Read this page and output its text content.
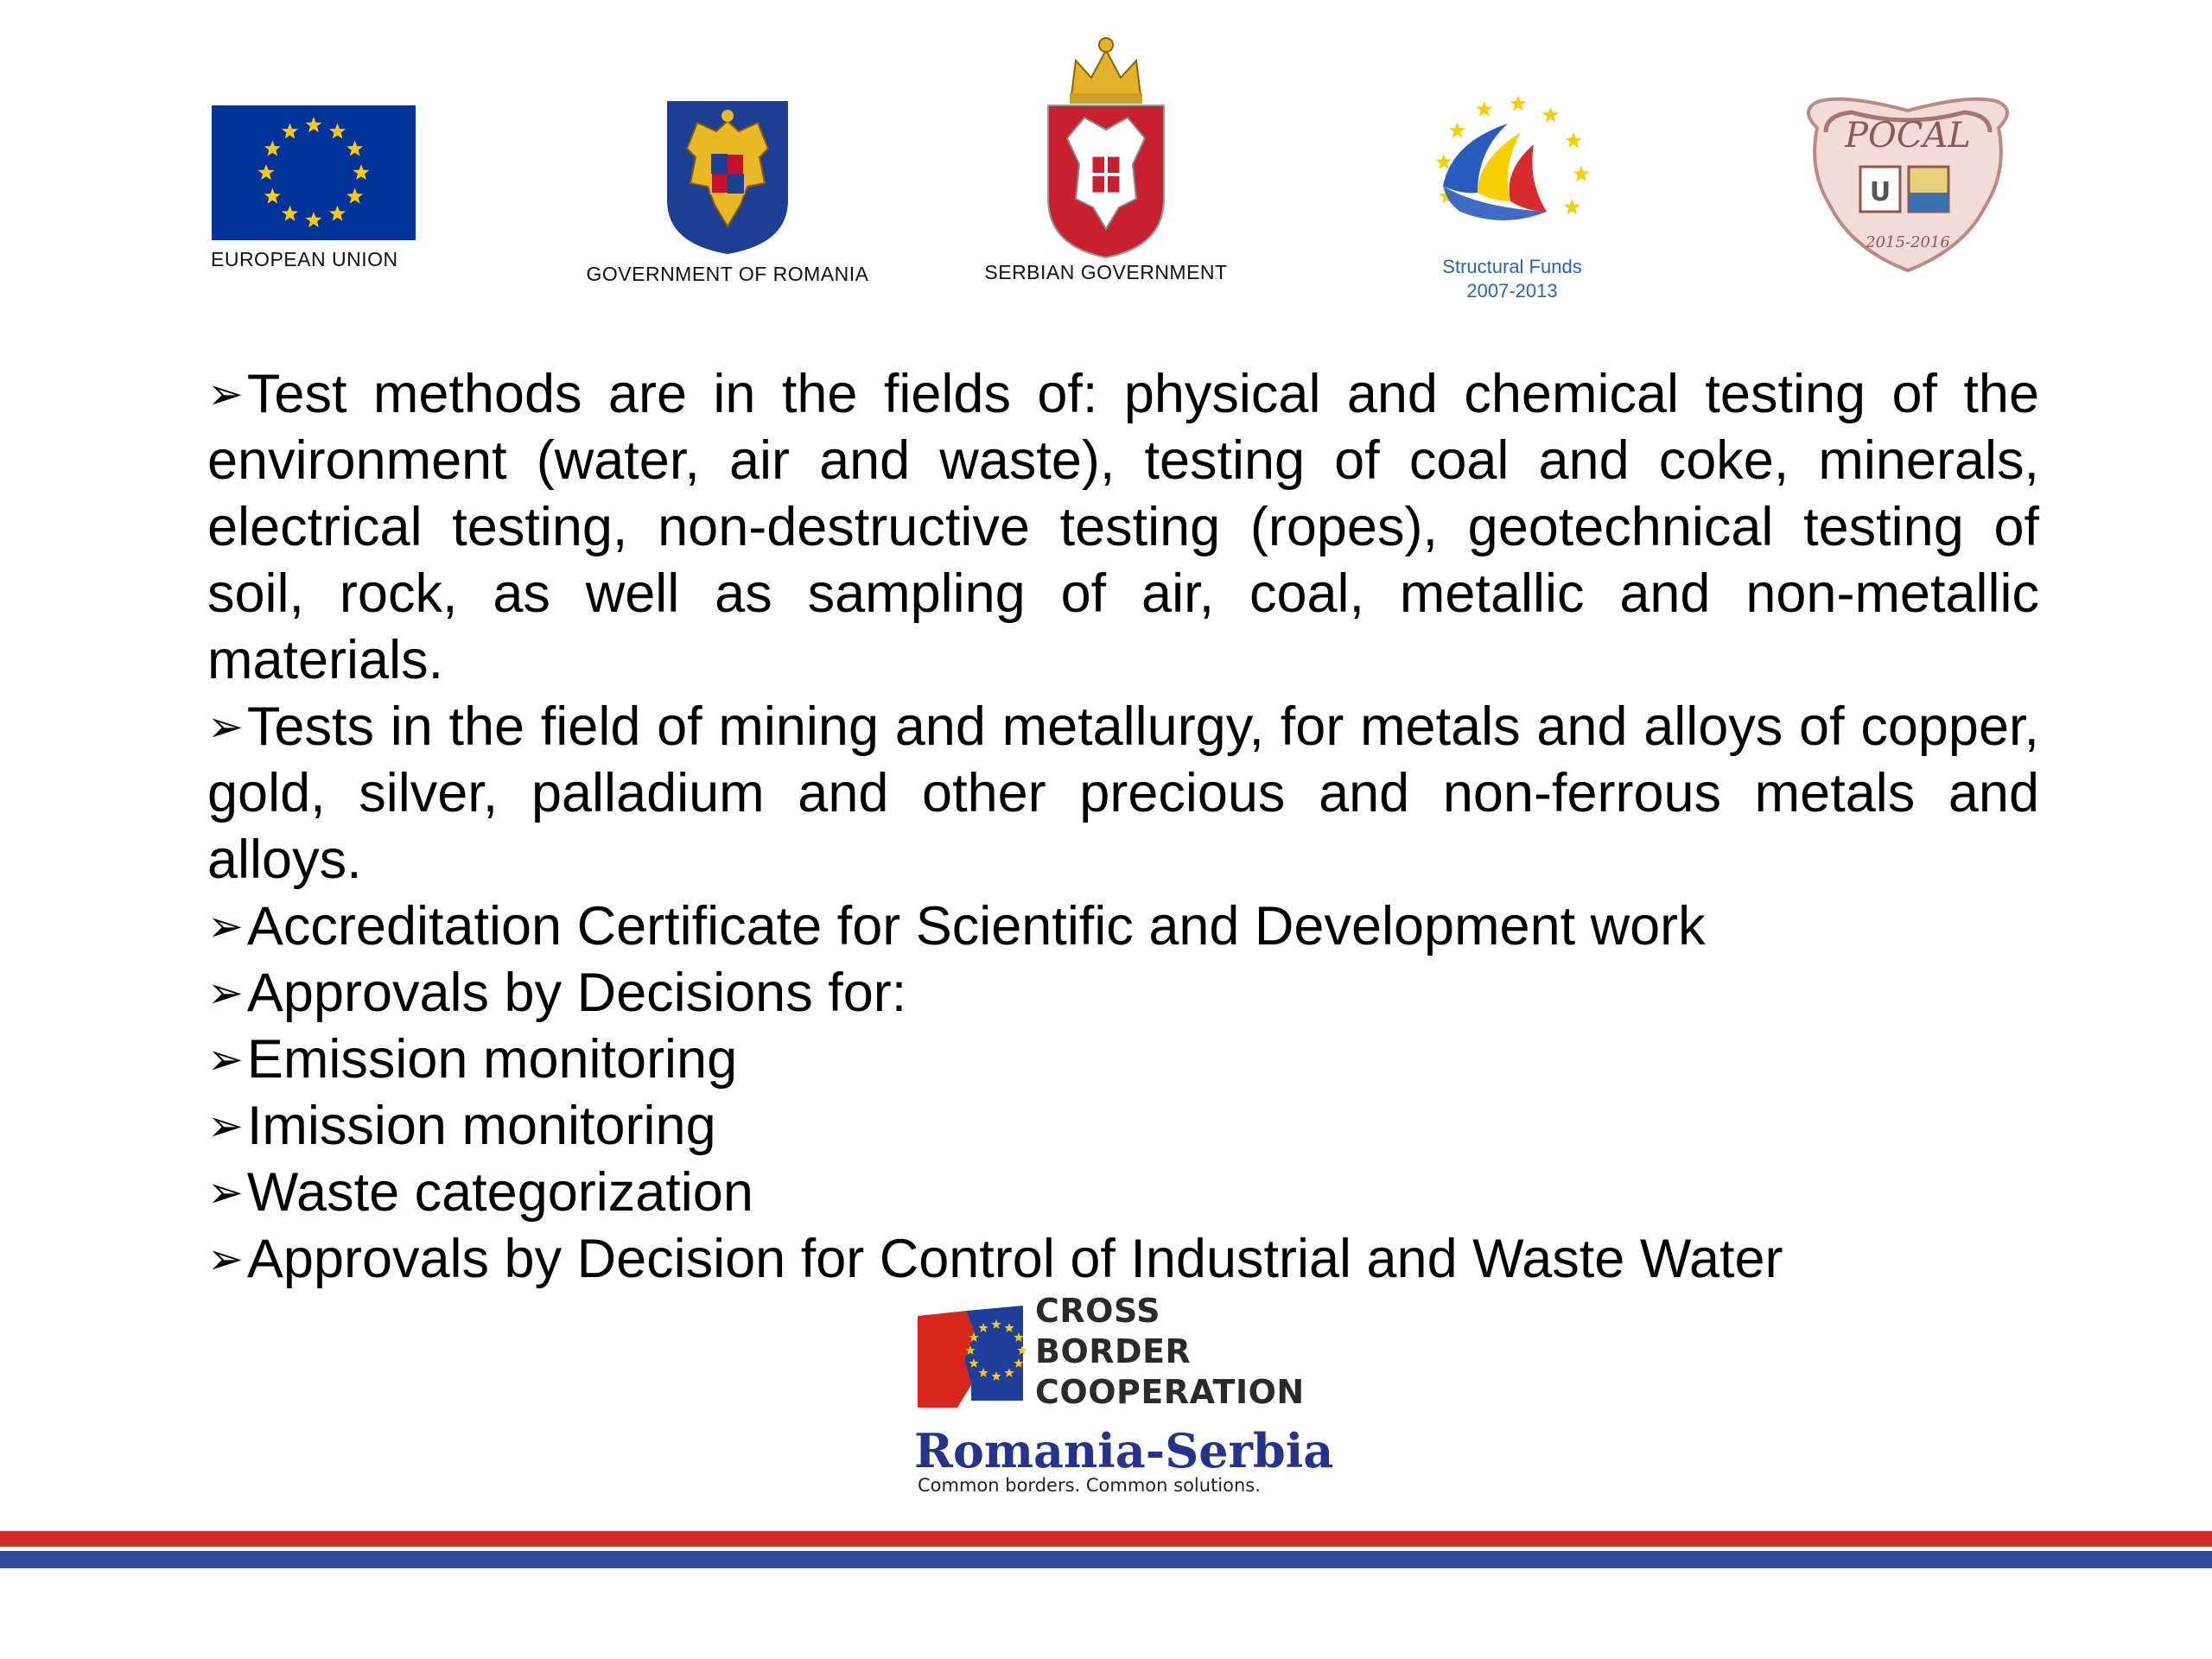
EUROPEAN UNION
GOVERNMENT OF ROMANIA	SERBIAN GOVERNMENT	Structural Funds
2007-2013
POCAL
U
2015-2016

➢Test methods are in the fields of: physical and chemical testing of the environment (water, air and waste), testing of coal and coke, minerals, electrical testing, non-destructive testing (ropes), geotechnical testing of soil, rock, as well as sampling of air, coal, metallic and non-metallic materials.

➢Tests in the field of mining and metallurgy, for metals and alloys of copper, gold, silver, palladium and other precious and non-ferrous metals and alloys.

➢Accreditation Certificate for Scientific and Development work

➢Approvals by Decisions for:

➢Emission monitoring

➢Imission monitoring

➢Waste categorization

➢Approvals by Decision for Control of Industrial and Waste Water

CROSS
BORDER
COOPERATION
Romania-Serbia
Common borders. Common solutions.
